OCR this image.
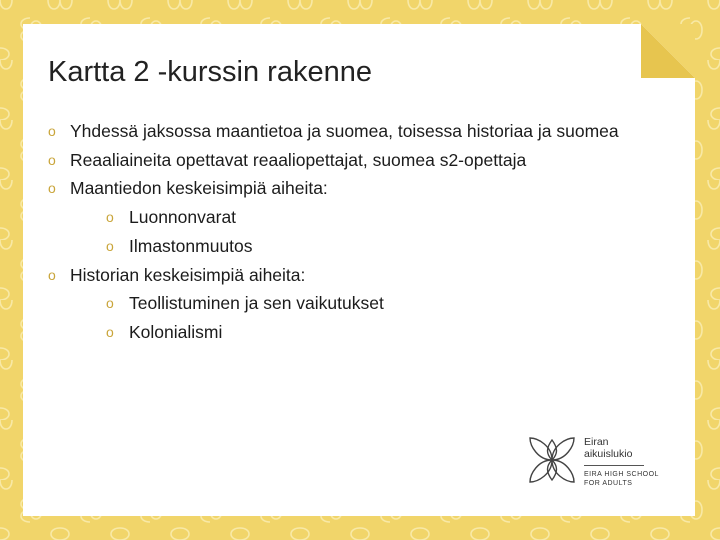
Kartta 2 -kurssin rakenne
o Yhdessä jaksossa maantietoa ja suomea, toisessa historiaa ja suomea
o Reaaliaineita opettavat reaaliopettajat, suomea s2-opettaja
o Maantiedon keskeisimpiä aiheita:
o Luonnonvarat
o Ilmastonmuutos
o Historian keskeisimpiä aiheita:
o Teollistuminen ja sen vaikutukset
o Kolonialismi

Eiran

aikuislukio

EIRA HIGH SCHOOL

FOR ADULTS
